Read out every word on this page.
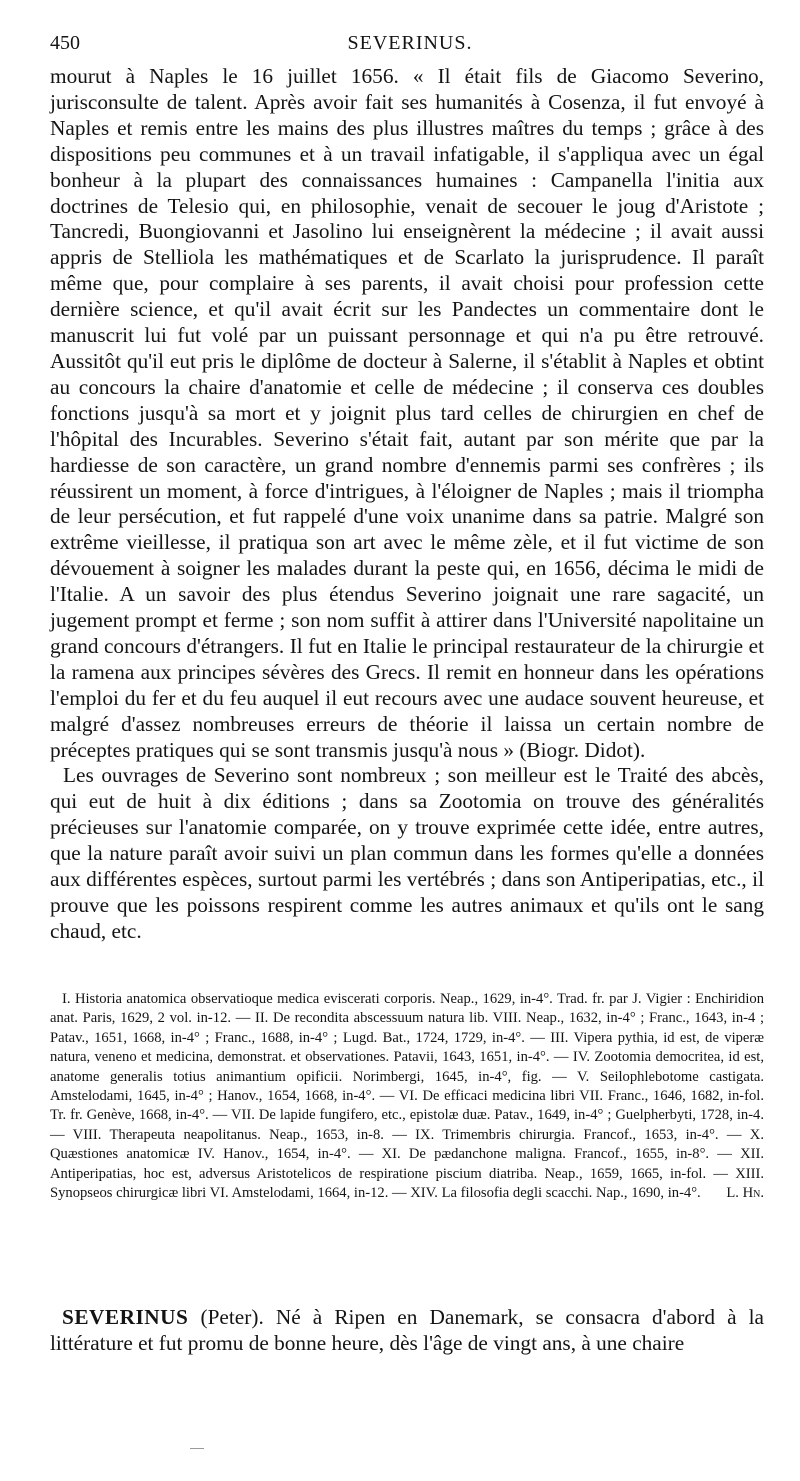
450	SEVERINUS.

mourut à Naples le 16 juillet 1656. « Il était fils de Giacomo Severino, jurisconsulte de talent. Après avoir fait ses humanités à Cosenza, il fut envoyé à Naples et remis entre les mains des plus illustres maîtres du temps ; grâce à des dispositions peu communes et à un travail infatigable, il s'appliqua avec un égal bonheur à la plupart des connaissances humaines : Campanella l'initia aux doctrines de Telesio qui, en philosophie, venait de secouer le joug d'Aristote ; Tancredi, Buongiovanni et Jasolino lui enseignèrent la médecine ; il avait aussi appris de Stelliola les mathématiques et de Scarlato la jurisprudence. Il paraît même que, pour complaire à ses parents, il avait choisi pour profession cette dernière science, et qu'il avait écrit sur les Pandectes un commentaire dont le manuscrit lui fut volé par un puissant personnage et qui n'a pu être retrouvé. Aussitôt qu'il eut pris le diplôme de docteur à Salerne, il s'établit à Naples et obtint au concours la chaire d'anatomie et celle de médecine ; il conserva ces doubles fonctions jusqu'à sa mort et y joignit plus tard celles de chirurgien en chef de l'hôpital des Incurables. Severino s'était fait, autant par son mérite que par la hardiesse de son caractère, un grand nombre d'ennemis parmi ses confrères ; ils réussirent un moment, à force d'intrigues, à l'éloigner de Naples ; mais il triompha de leur persécution, et fut rappelé d'une voix unanime dans sa patrie. Malgré son extrême vieillesse, il pratiqua son art avec le même zèle, et il fut victime de son dévouement à soigner les malades durant la peste qui, en 1656, décima le midi de l'Italie. A un savoir des plus étendus Severino joignait une rare sagacité, un jugement prompt et ferme ; son nom suffit à attirer dans l'Université napolitaine un grand concours d'étrangers. Il fut en Italie le principal restaurateur de la chirurgie et la ramena aux principes sévères des Grecs. Il remit en honneur dans les opérations l'emploi du fer et du feu auquel il eut recours avec une audace souvent heureuse, et malgré d'assez nombreuses erreurs de théorie il laissa un certain nombre de préceptes pratiques qui se sont transmis jusqu'à nous » (Biogr. Didot).

Les ouvrages de Severino sont nombreux ; son meilleur est le Traité des abcès, qui eut de huit à dix éditions ; dans sa Zootomia on trouve des généralités précieuses sur l'anatomie comparée, on y trouve exprimée cette idée, entre autres, que la nature paraît avoir suivi un plan commun dans les formes qu'elle a données aux différentes espèces, surtout parmi les vertébrés ; dans son Antiperipatias, etc., il prouve que les poissons respirent comme les autres animaux et qu'ils ont le sang chaud, etc.

I. Historia anatomica observatioque medica eviscerati corporis. Neap., 1629, in-4°. Trad. fr. par J. Vigier : Enchiridion anat. Paris, 1629, 2 vol. in-12. — II. De recondita abscessuum natura lib. VIII. Neap., 1632, in-4° ; Franc., 1643, in-4 ; Patav., 1651, 1668, in-4° ; Franc., 1688, in-4° ; Lugd. Bat., 1724, 1729, in-4°. — III. Vipera pythia, id est, de viperæ natura, veneno et medicina, demonstrat. et observationes. Patavii, 1643, 1651, in-4°. — IV. Zootomia democritea, id est, anatome generalis totius animantium opificii. Norimbergi, 1645, in-4°, fig. — V. Seilophlebotome castigata. Amstelodami, 1645, in-4° ; Hanov., 1654, 1668, in-4°. — VI. De efficaci medicina libri VII. Franc., 1646, 1682, in-fol. Tr. fr. Genève, 1668, in-4°. — VII. De lapide fungifero, etc., epistolæ duæ. Patav., 1649, in-4° ; Guelpherbyti, 1728, in-4. — VIII. Therapeuta neapolitanus. Neap., 1653, in-8. — IX. Trimembris chirurgia. Francof., 1653, in-4°. — X. Quæstiones anatomicæ IV. Hanov., 1654, in-4°. — XI. De pædanchone maligna. Francof., 1655, in-8°. — XII. Antiperipatias, hoc est, adversus Aristotelicos de respiratione piscium diatriba. Neap., 1659, 1665, in-fol. — XIII. Synopseos chirurgicæ libri VI. Amstelodami, 1664, in-12. — XIV. La filosofia degli scacchi. Nap., 1690, in-4°.	L. Hn.

SEVERINUS (Peter). Né à Ripen en Danemark, se consacra d'abord à la littérature et fut promu de bonne heure, dès l'âge de vingt ans, à une chaire
